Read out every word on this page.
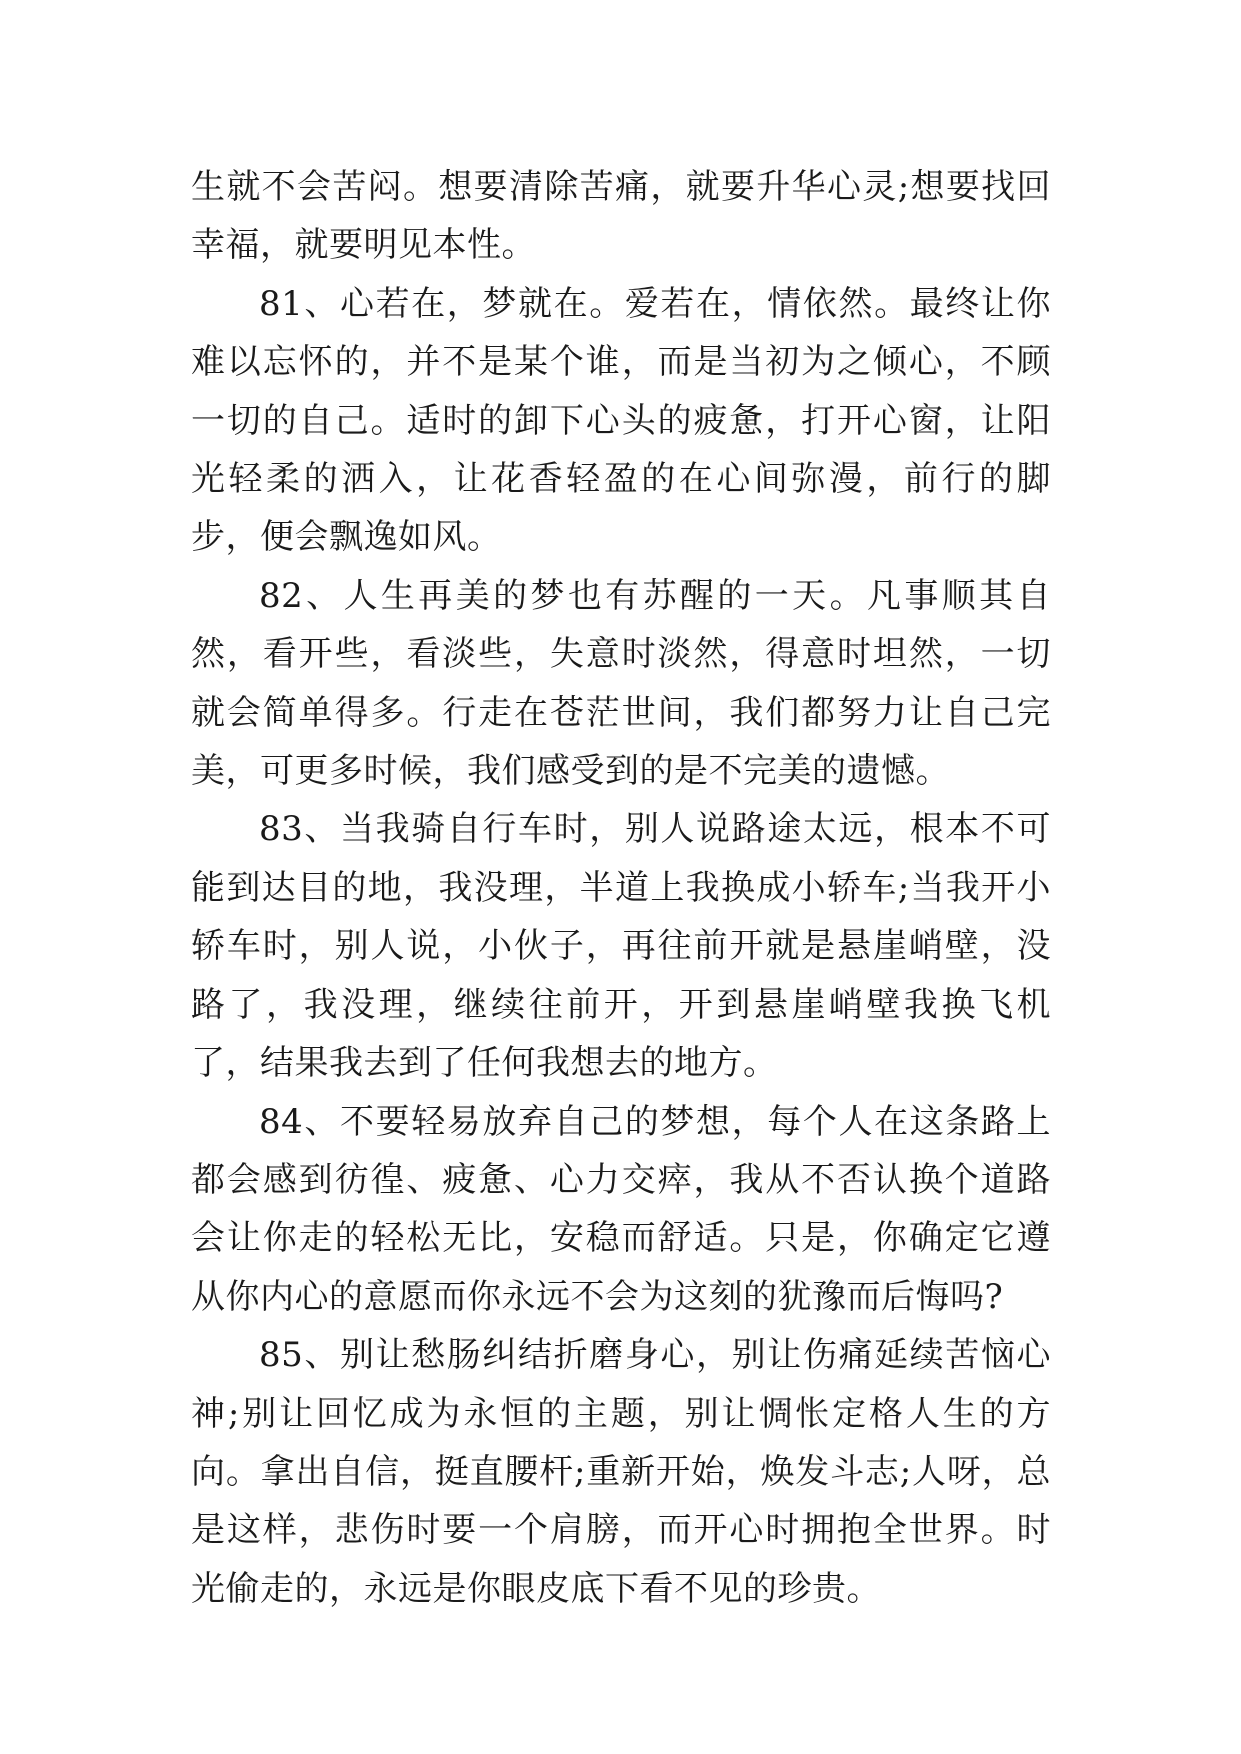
生就不会苦闷。想要清除苦痛，就要升华心灵;想要找回幸福，就要明见本性。

81、心若在，梦就在。爱若在，情依然。最终让你难以忘怀的，并不是某个谁，而是当初为之倾心，不顾一切的自己。适时的卸下心头的疲惫，打开心窗，让阳光轻柔的洒入，让花香轻盈的在心间弥漫，前行的脚步，便会飘逸如风。

82、人生再美的梦也有苏醒的一天。凡事顺其自然，看开些，看淡些，失意时淡然，得意时坦然，一切就会简单得多。行走在苍茫世间，我们都努力让自己完美，可更多时候，我们感受到的是不完美的遗憾。

83、当我骑自行车时，别人说路途太远，根本不可能到达目的地，我没理，半道上我换成小轿车;当我开小轿车时，别人说，小伙子，再往前开就是悬崖峭壁，没路了，我没理，继续往前开，开到悬崖峭壁我换飞机了，结果我去到了任何我想去的地方。

84、不要轻易放弃自己的梦想，每个人在这条路上都会感到彷徨、疲惫、心力交瘁，我从不否认换个道路会让你走的轻松无比，安稳而舒适。只是，你确定它遵从你内心的意愿而你永远不会为这刻的犹豫而后悔吗?

85、别让愁肠纠结折磨身心，别让伤痛延续苦恼心神;别让回忆成为永恒的主题，别让惆怅定格人生的方向。拿出自信，挺直腰杆;重新开始，焕发斗志;人呀，总是这样，悲伤时要一个肩膀，而开心时拥抱全世界。时光偷走的，永远是你眼皮底下看不见的珍贵。
